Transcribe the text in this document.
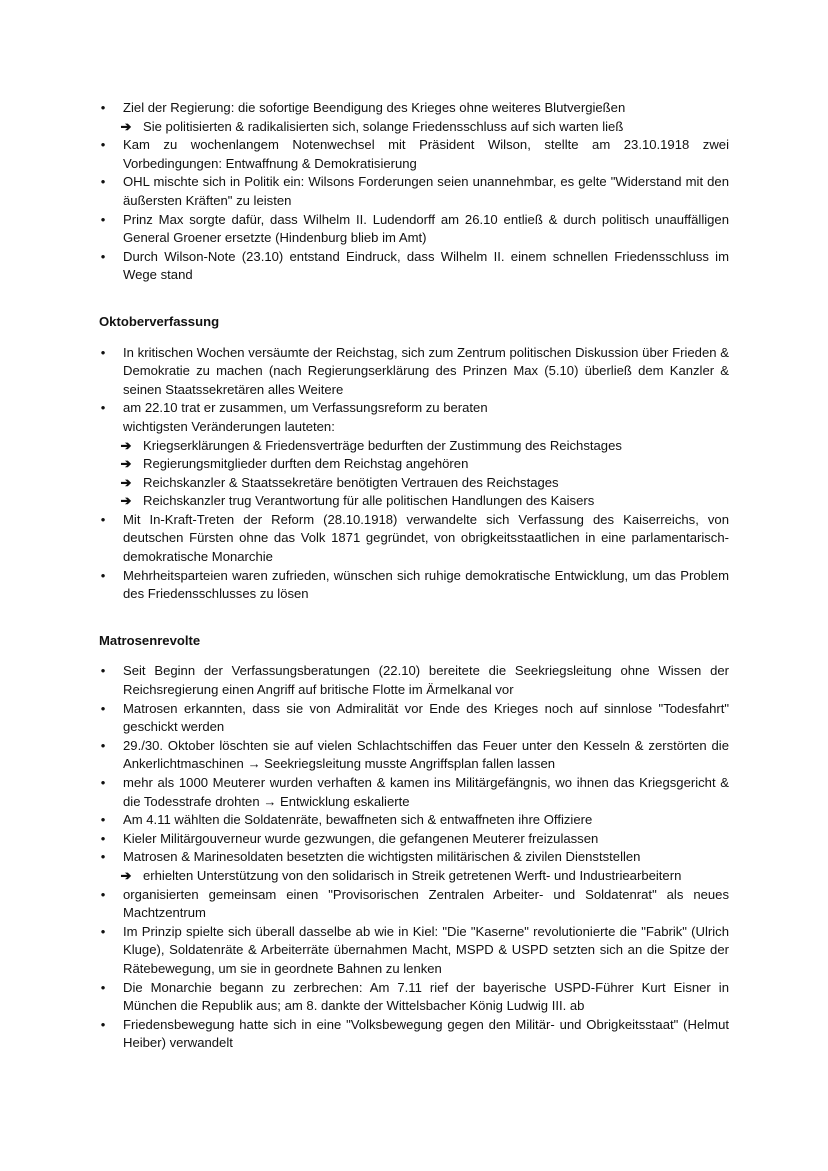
• Ziel der Regierung: die sofortige Beendigung des Krieges ohne weiteres Blutvergießen
➔ Sie politisierten & radikalisierten sich, solange Friedensschluss auf sich warten ließ
• Kam zu wochenlangem Notenwechsel mit Präsident Wilson, stellte am 23.10.1918 zwei Vorbedingungen: Entwaffnung & Demokratisierung
• OHL mischte sich in Politik ein: Wilsons Forderungen seien unannehmbar, es gelte "Widerstand mit den äußersten Kräften" zu leisten
• Prinz Max sorgte dafür, dass Wilhelm II. Ludendorff am 26.10 entließ & durch politisch unauffälligen General Groener ersetzte (Hindenburg blieb im Amt)
• Durch Wilson-Note (23.10) entstand Eindruck, dass Wilhelm II. einem schnellen Friedensschluss im Wege stand
Oktoberverfassung
• In kritischen Wochen versäumte der Reichstag, sich zum Zentrum politischen Diskussion über Frieden & Demokratie zu machen (nach Regierungserklärung des Prinzen Max (5.10) überließ dem Kanzler & seinen Staatssekretären alles Weitere
• am 22.10 trat er zusammen, um Verfassungsreform zu beraten
wichtigsten Veränderungen lauteten:
➔ Kriegserklärungen & Friedensverträge bedurften der Zustimmung des Reichstages
➔ Regierungsmitglieder durften dem Reichstag angehören
➔ Reichskanzler & Staatssekretäre benötigten Vertrauen des Reichstages
➔ Reichskanzler trug Verantwortung für alle politischen Handlungen des Kaisers
• Mit In-Kraft-Treten der Reform (28.10.1918) verwandelte sich Verfassung des Kaiserreichs, von deutschen Fürsten ohne das Volk 1871 gegründet, von obrigkeitsstaatlichen in eine parlamentarisch-demokratische Monarchie
• Mehrheitsparteien waren zufrieden, wünschen sich ruhige demokratische Entwicklung, um das Problem des Friedensschlusses zu lösen
Matrosenrevolte
• Seit Beginn der Verfassungsberatungen (22.10) bereitete die Seekriegsleitung ohne Wissen der Reichsregierung einen Angriff auf britische Flotte im Ärmelkanal vor
• Matrosen erkannten, dass sie von Admiralität vor Ende des Krieges noch auf sinnlose "Todesfahrt" geschickt werden
• 29./30. Oktober löschten sie auf vielen Schlachtschiffen das Feuer unter den Kesseln & zerstörten die Ankerlichtmaschinen → Seekriegsleitung musste Angriffsplan fallen lassen
• mehr als 1000 Meuterer wurden verhaften & kamen ins Militärgefängnis, wo ihnen das Kriegsgericht & die Todesstrafe drohten → Entwicklung eskalierte
• Am 4.11 wählten die Soldatenräte, bewaffneten sich & entwaffneten ihre Offiziere
• Kieler Militärgouverneur wurde gezwungen, die gefangenen Meuterer freizulassen
• Matrosen & Marinesoldaten besetzten die wichtigsten militärischen & zivilen Dienststellen
➔ erhielten Unterstützung von den solidarisch in Streik getretenen Werft- und Industriearbeitern
• organisierten gemeinsam einen "Provisorischen Zentralen Arbeiter- und Soldatenrat" als neues Machtzentrum
• Im Prinzip spielte sich überall dasselbe ab wie in Kiel: "Die "Kaserne" revolutionierte die "Fabrik" (Ulrich Kluge), Soldatenräte & Arbeiterräte übernahmen Macht, MSPD & USPD setzten sich an die Spitze der Rätebewegung, um sie in geordnete Bahnen zu lenken
• Die Monarchie begann zu zerbrechen: Am 7.11 rief der bayerische USPD-Führer Kurt Eisner in München die Republik aus; am 8. dankte der Wittelsbacher König Ludwig III. ab
• Friedensbewegung hatte sich in eine "Volksbewegung gegen den Militär- und Obrigkeitsstaat" (Helmut Heiber) verwandelt
